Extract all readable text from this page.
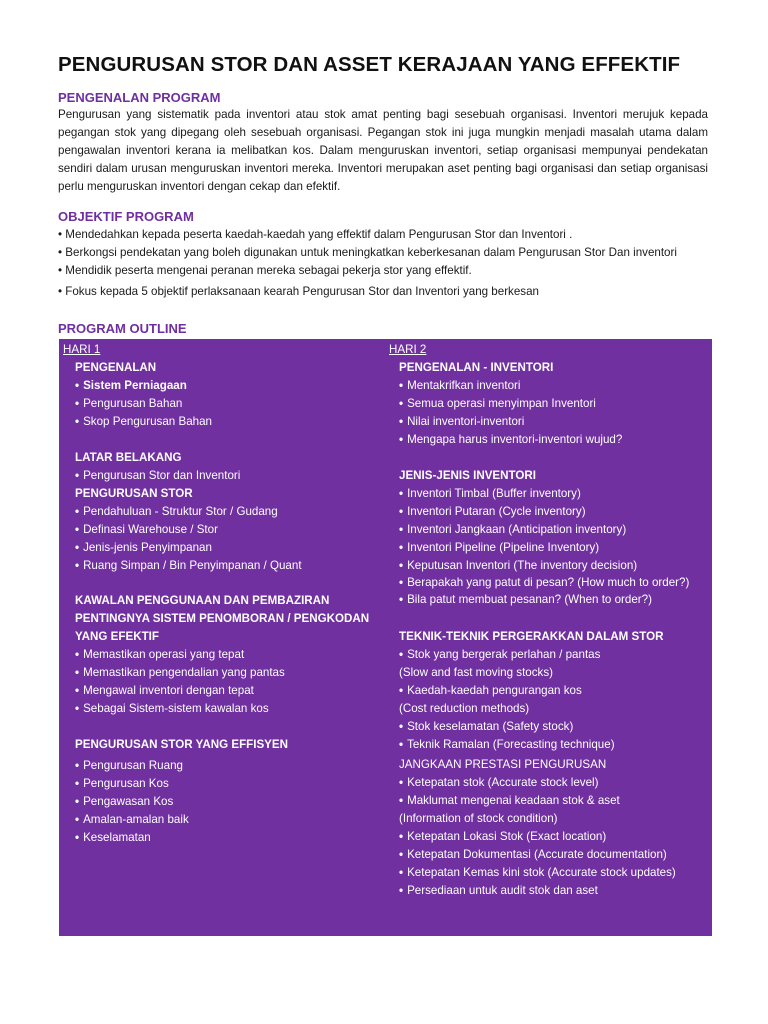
PENGURUSAN STOR DAN ASSET KERAJAAN YANG EFFEKTIF
PENGENALAN PROGRAM
Pengurusan yang sistematik pada inventori atau stok amat penting bagi sesebuah organisasi. Inventori merujuk kepada pegangan stok yang dipegang oleh sesebuah organisasi. Pegangan stok ini juga mungkin menjadi masalah utama dalam pengawalan inventori kerana ia melibatkan kos. Dalam menguruskan inventori, setiap organisasi mempunyai pendekatan sendiri dalam urusan menguruskan inventori mereka. Inventori merupakan aset penting bagi organisasi dan setiap organisasi perlu menguruskan inventori dengan cekap dan efektif.
OBJEKTIF PROGRAM
• Mendedahkan kepada peserta kaedah-kaedah yang effektif dalam Pengurusan Stor dan Inventori .
• Berkongsi pendekatan yang boleh digunakan untuk meningkatkan keberkesanan dalam Pengurusan Stor Dan inventori
• Mendidik peserta mengenai peranan mereka sebagai pekerja stor yang effektif.
• Fokus kepada 5 objektif perlaksanaan kearah Pengurusan Stor dan Inventori yang berkesan
PROGRAM OUTLINE
HARI 1
PENGENALAN
• Sistem Perniagaan
• Pengurusan Bahan
• Skop Pengurusan Bahan
LATAR BELAKANG
• Pengurusan Stor dan Inventori
PENGURUSAN STOR
• Pendahuluan - Struktur Stor / Gudang
• Definasi Warehouse / Stor
• Jenis-jenis Penyimpanan
• Ruang Simpan / Bin Penyimpanan / Quant
KAWALAN PENGGUNAAN DAN PEMBAZIRAN
PENTINGNYA SISTEM PENOMBORAN / PENGKODAN
YANG EFEKTIF
• Memastikan operasi yang tepat
• Memastikan pengendalian yang pantas
• Mengawal inventori dengan tepat
• Sebagai Sistem-sistem kawalan kos
PENGURUSAN STOR YANG EFFISYEN
• Pengurusan Ruang
• Pengurusan Kos
• Pengawasan Kos
• Amalan-amalan baik
• Keselamatan
HARI 2
PENGENALAN - INVENTORI
• Mentakrifkan inventori
• Semua operasi menyimpan Inventori
• Nilai inventori-inventori
• Mengapa harus inventori-inventori wujud?
JENIS-JENIS INVENTORI
• Inventori Timbal (Buffer inventory)
• Inventori Putaran (Cycle inventory)
• Inventori Jangkaan (Anticipation inventory)
• Inventori Pipeline (Pipeline Inventory)
• Keputusan Inventori (The inventory decision)
• Berapakah yang patut di pesan? (How much to order?)
• Bila patut membuat pesanan? (When to order?)
TEKNIK-TEKNIK PERGERAKKAN DALAM STOR
• Stok yang bergerak perlahan / pantas
(Slow and fast moving stocks)
• Kaedah-kaedah pengurangan kos
(Cost reduction methods)
• Stok keselamatan (Safety stock)
• Teknik Ramalan (Forecasting technique)
JANGKAAN PRESTASI PENGURUSAN
• Ketepatan stok (Accurate stock level)
• Maklumat mengenai keadaan stok & aset
(Information of stock condition)
• Ketepatan Lokasi Stok (Exact location)
• Ketepatan Dokumentasi (Accurate documentation)
• Ketepatan Kemas kini stok (Accurate stock updates)
• Persediaan untuk audit stok dan aset
